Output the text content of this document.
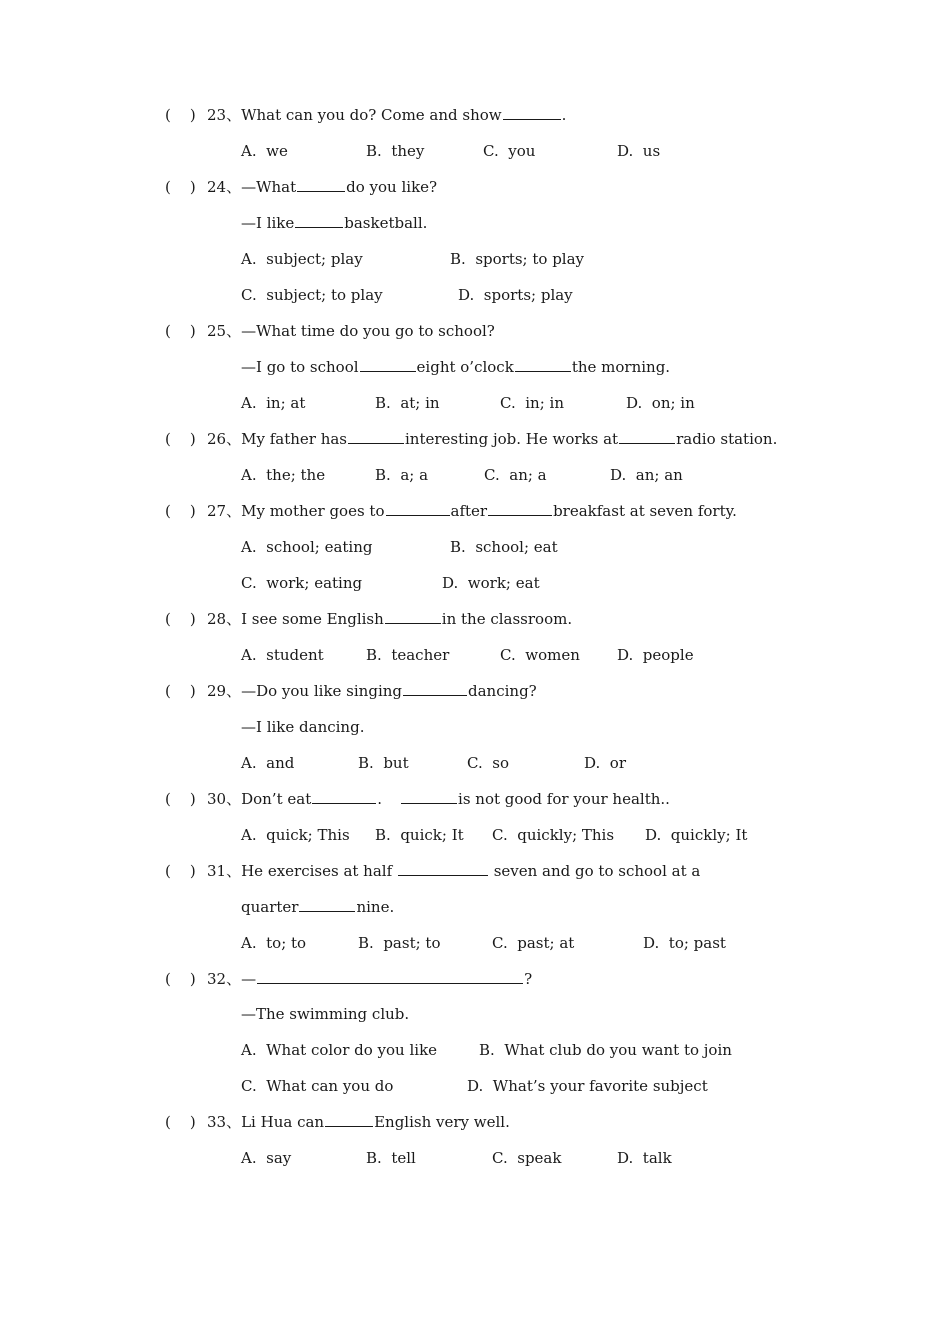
(    ) 23、What can you do? Come and show	.
A.  we	B.  they	C.  you	D.  us
(    ) 24、—What	do you like?
—I like	basketball.
A.  subject; play	B.  sports; to play
C.  subject; to play	D.  sports; play
(    ) 25、—What time do you go to school?
—I go to school	eight o’clock	the morning.
A.  in; at	B.  at; in	C.  in; in	D.  on; in
(    ) 26、My father has	interesting job. He works at	radio station.
A.  the; the	B.  a; a	C.  an; a	D.  an; an
(    ) 27、My mother goes to	after	breakfast at seven forty.
A.  school; eating	B.  school; eat
C.  work; eating	D.  work; eat
(    ) 28、I see some English	in the classroom.
A.  student	B.  teacher	C.  women D.  people
(    ) 29、—Do you like singing	dancing?
—I like dancing.
A.  and	B.  but	C.  so	D.  or
(    ) 30、Don’t eat	.	is not good for your health..
A.  quick; This B.  quick; It C.  quickly; This D.  quickly; It
(    ) 31、He exercises at half	seven and go to school at a
quarter	nine.
A.  to; to	B.  past; to	C.  past; at	D.  to; past
(    ) 32、—	?
—The swimming club.
A.  What color do you like	B.  What club do you want to join
C.  What can you do	D.  What’s your favorite subject
(    ) 33、Li Hua can	English very well.
A.  say	B.  tell	C.  speak	D.  talk
